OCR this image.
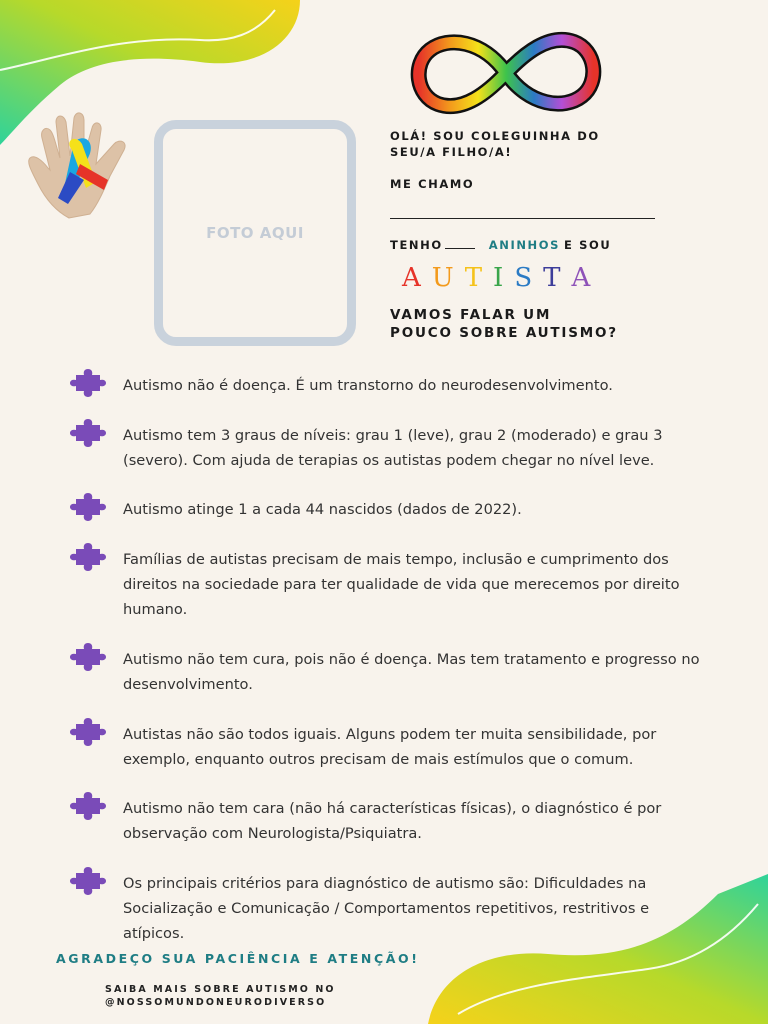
FOTO AQUI
OLÁ! SOU COLEGUINHA DO
SEU/A FILHO/A!
ME CHAMO
TENHO	ANINHOS E SOU
A U T I S T A
VAMOS FALAR UM
POUCO SOBRE AUTISMO?
Autismo não é doença. É um transtorno do neurodesenvolvimento.
Autismo tem 3 graus de níveis: grau 1 (leve), grau 2 (moderado) e grau 3 (severo). Com ajuda de terapias os autistas podem chegar no nível leve.
Autismo atinge 1 a cada 44 nascidos (dados de 2022).
Famílias de autistas precisam de mais tempo, inclusão e cumprimento dos direitos na sociedade para ter qualidade de vida que merecemos por direito humano.
Autismo não tem cura, pois não é doença. Mas tem tratamento e progresso no desenvolvimento.
Autistas não são todos iguais. Alguns podem ter muita sensibilidade, por exemplo, enquanto outros precisam de mais estímulos que o comum.
Autismo não tem cara (não há características físicas), o diagnóstico é por observação com Neurologista/Psiquiatra.
Os principais critérios para diagnóstico de autismo são: Dificuldades na Socialização e Comunicação / Comportamentos repetitivos, restritivos e atípicos.
AGRADEÇO SUA PACIÊNCIA E ATENÇÃO!
SAIBA MAIS SOBRE AUTISMO NO
@NOSSOMUNDONEURODIVERSO
